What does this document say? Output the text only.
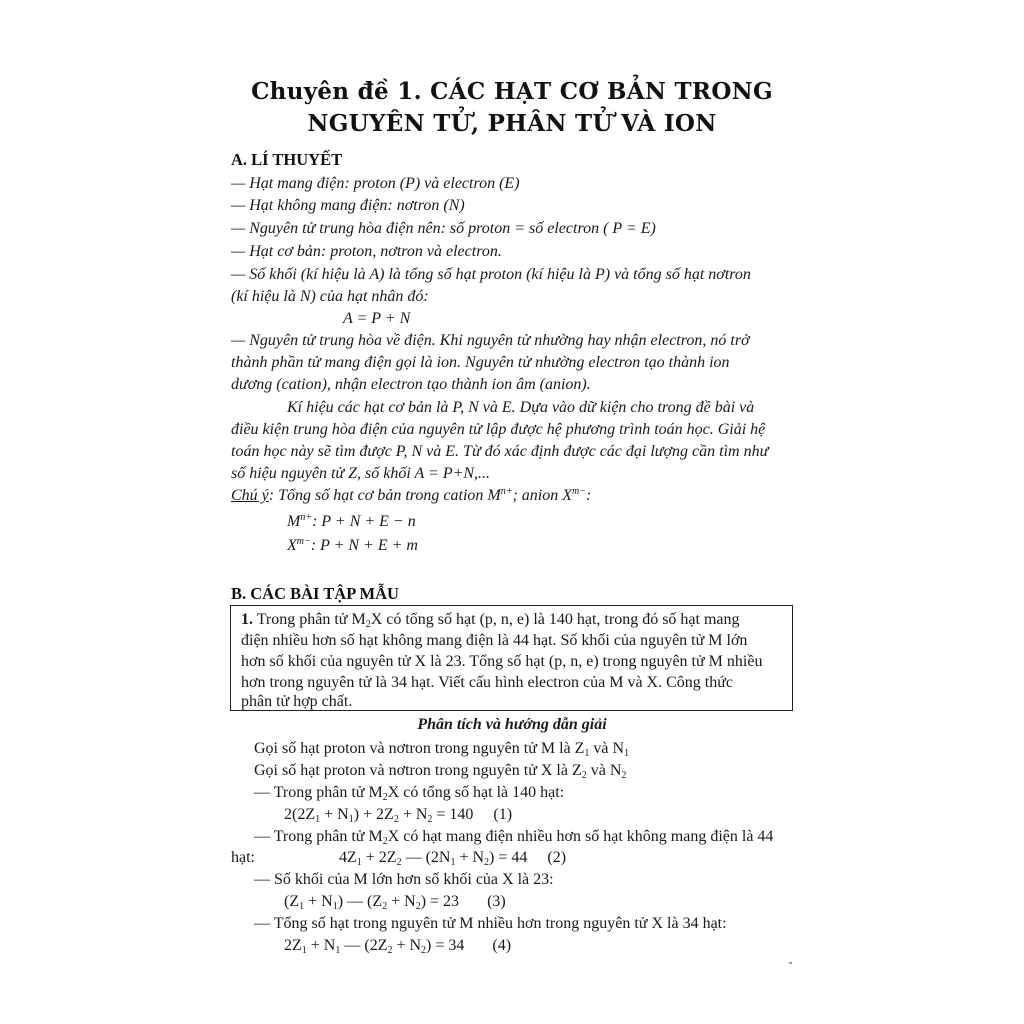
Chuyên đề 1. CÁC HẠT CƠ BẢN TRONG
NGUYÊN TỬ, PHÂN TỬ VÀ ION
A. LÍ THUYẾT
— Hạt mang điện: proton (P) và electron (E)
— Hạt không mang điện: nơtron (N)
— Nguyên tử trung hòa điện nên: số proton = số electron ( P = E)
— Hạt cơ bản: proton, nơtron và electron.
— Số khối (kí hiệu là A) là tổng số hạt proton (kí hiệu là P) và tổng số hạt nơtron
(kí hiệu là N) của hạt nhân đó:
A = P + N
— Nguyên tử trung hòa về điện. Khi nguyên tử nhường hay nhận electron, nó trở
thành phần tử mang điện gọi là ion. Nguyên tử nhường electron tạo thành ion
dương (cation), nhận electron tạo thành ion âm (anion).
Kí hiệu các hạt cơ bản là P, N và E. Dựa vào dữ kiện cho trong đề bài và
điều kiện trung hòa điện của nguyên tử lập được hệ phương trình toán học. Giải hệ
toán học này sẽ tìm được P, N và E. Từ đó xác định được các đại lượng cần tìm như
số hiệu nguyên tử Z, số khối A = P+N,...
Chú ý: Tổng số hạt cơ bản trong cation $M^{n+}$; anion $X^{m-}$:
$M^{n+}$: P + N + E − n
$X^{m-}$: P + N + E + m
B. CÁC BÀI TẬP MẪU
1. Trong phân tử $M_2X$ có tổng số hạt (p, n, e) là 140 hạt, trong đó số hạt mang
điện nhiều hơn số hạt không mang điện là 44 hạt. Số khối của nguyên tử M lớn
hơn số khối của nguyên tử X là 23. Tổng số hạt (p, n, e) trong nguyên tử M nhiều
hơn trong nguyên tử là 34 hạt. Viết cấu hình electron của M và X. Công thức
phân tử hợp chất.
Phân tích và hướng dẫn giải
Gọi số hạt proton và nơtron trong nguyên tử M là $Z_1$ và $N_1$
Gọi số hạt proton và nơtron trong nguyên tử X là $Z_2$ và $N_2$
— Trong phân tử $M_2X$ có tổng số hạt là 140 hạt:
$2(2Z_1 + N_1) + 2Z_2 + N_2 = 140$     (1)
— Trong phân tử $M_2X$ có hạt mang điện nhiều hơn số hạt không mang điện là 44
hạt:	$4Z_1 + 2Z_2$ — $(2N_1 + N_2) = 44$     (2)
— Số khối của M lớn hơn số khối của X là 23:
$(Z_1 + N_1)$ — $(Z_2 + N_2) = 23$       (3)
— Tổng số hạt trong nguyên tử M nhiều hơn trong nguyên tử X là 34 hạt:
$2Z_1 + N_1$ — $(2Z_2 + N_2) = 34$       (4)
